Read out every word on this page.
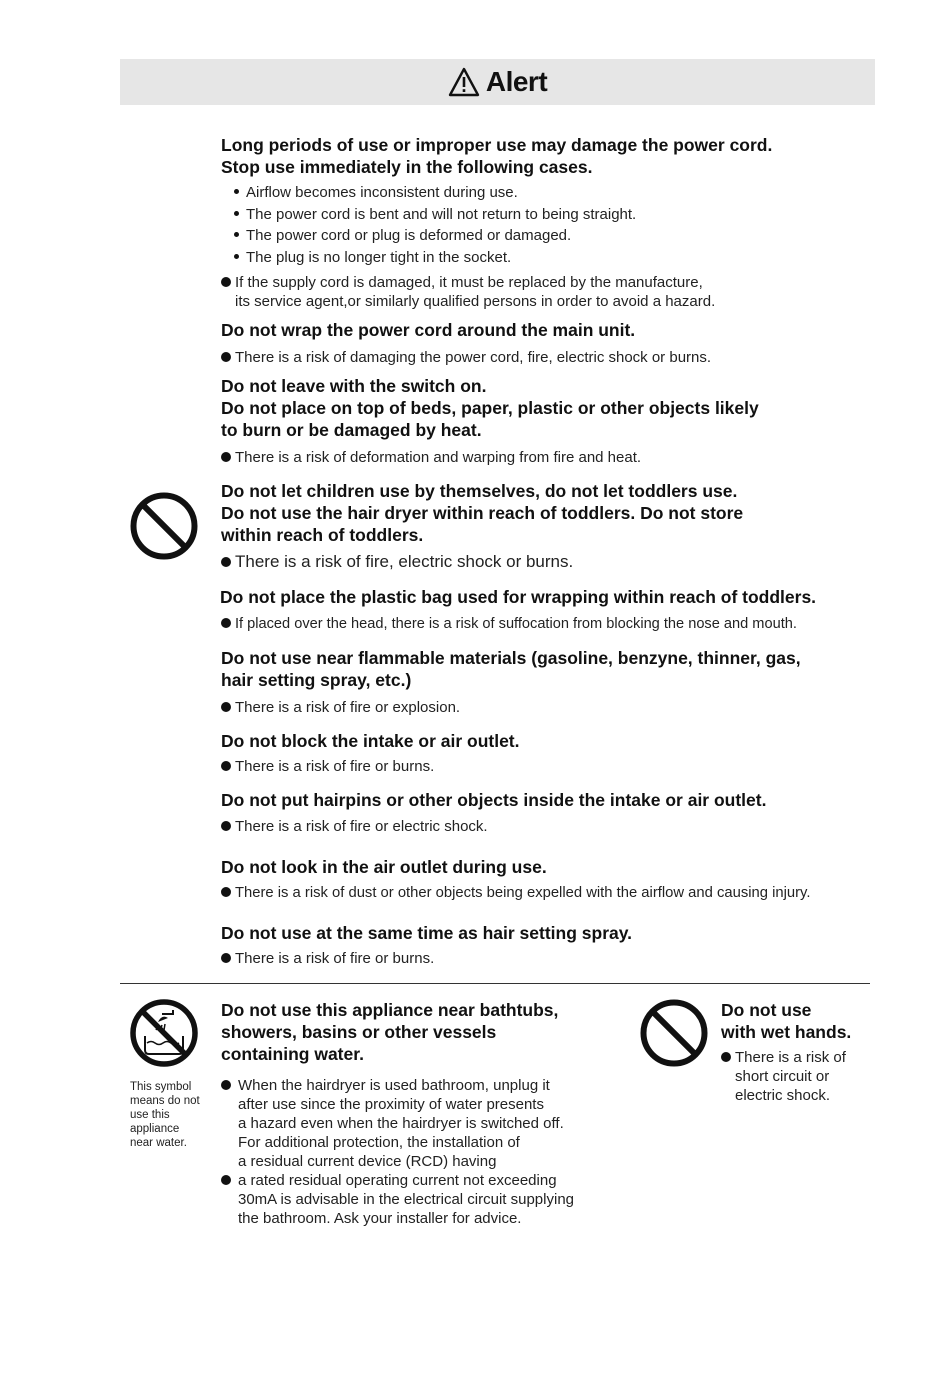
Alert
Long periods of use or improper use may damage the power cord.
Stop use immediately in the following cases.
Airflow becomes inconsistent during use.
The power cord is bent and will not return to being straight.
The power cord or plug is deformed or damaged.
The plug is no longer tight in the socket.
If the supply cord is damaged, it must be replaced by the manufacture,
its service agent,or similarly qualified persons in order to avoid a hazard.
Do not wrap the power cord around the main unit.
There is a risk of damaging the power cord, fire, electric shock or burns.
Do not leave with the switch on.
Do not place on top of beds, paper, plastic or other objects likely
to burn or be damaged by heat.
There is a risk of deformation and warping from fire and heat.
Do not let children use by themselves, do not let toddlers use.
Do not use the hair dryer within reach of toddlers. Do not store
within reach of toddlers.
There is a risk of fire, electric shock or burns.
Do not place the plastic bag used for wrapping within reach of toddlers.
If placed over the head, there is a risk of suffocation from blocking the nose and mouth.
Do not use near flammable materials (gasoline, benzyne, thinner, gas,
hair setting spray, etc.)
There is a risk of fire or explosion.
Do not block the intake or air outlet.
There is a risk of fire or burns.
Do not put hairpins or other objects inside the intake or air outlet.
There is a risk of fire or electric shock.
Do not look in the air outlet during use.
There is a risk of dust or other objects being expelled with the airflow and causing injury.
Do not use at the same time as hair setting spray.
There is a risk of fire or burns.
This symbol
means do not
use this
appliance
near water.
Do not use this appliance near bathtubs,
showers, basins or other vessels
containing water.
When the hairdryer is used bathroom, unplug it
after use since the proximity of water presents
a hazard even when the hairdryer is switched off.
For additional protection, the installation of
a residual current device (RCD) having
a rated residual operating current not exceeding
30mA is advisable in the electrical circuit supplying
the bathroom. Ask your installer for advice.
Do not use
with wet hands.
There is a risk of
short circuit or
electric shock.
